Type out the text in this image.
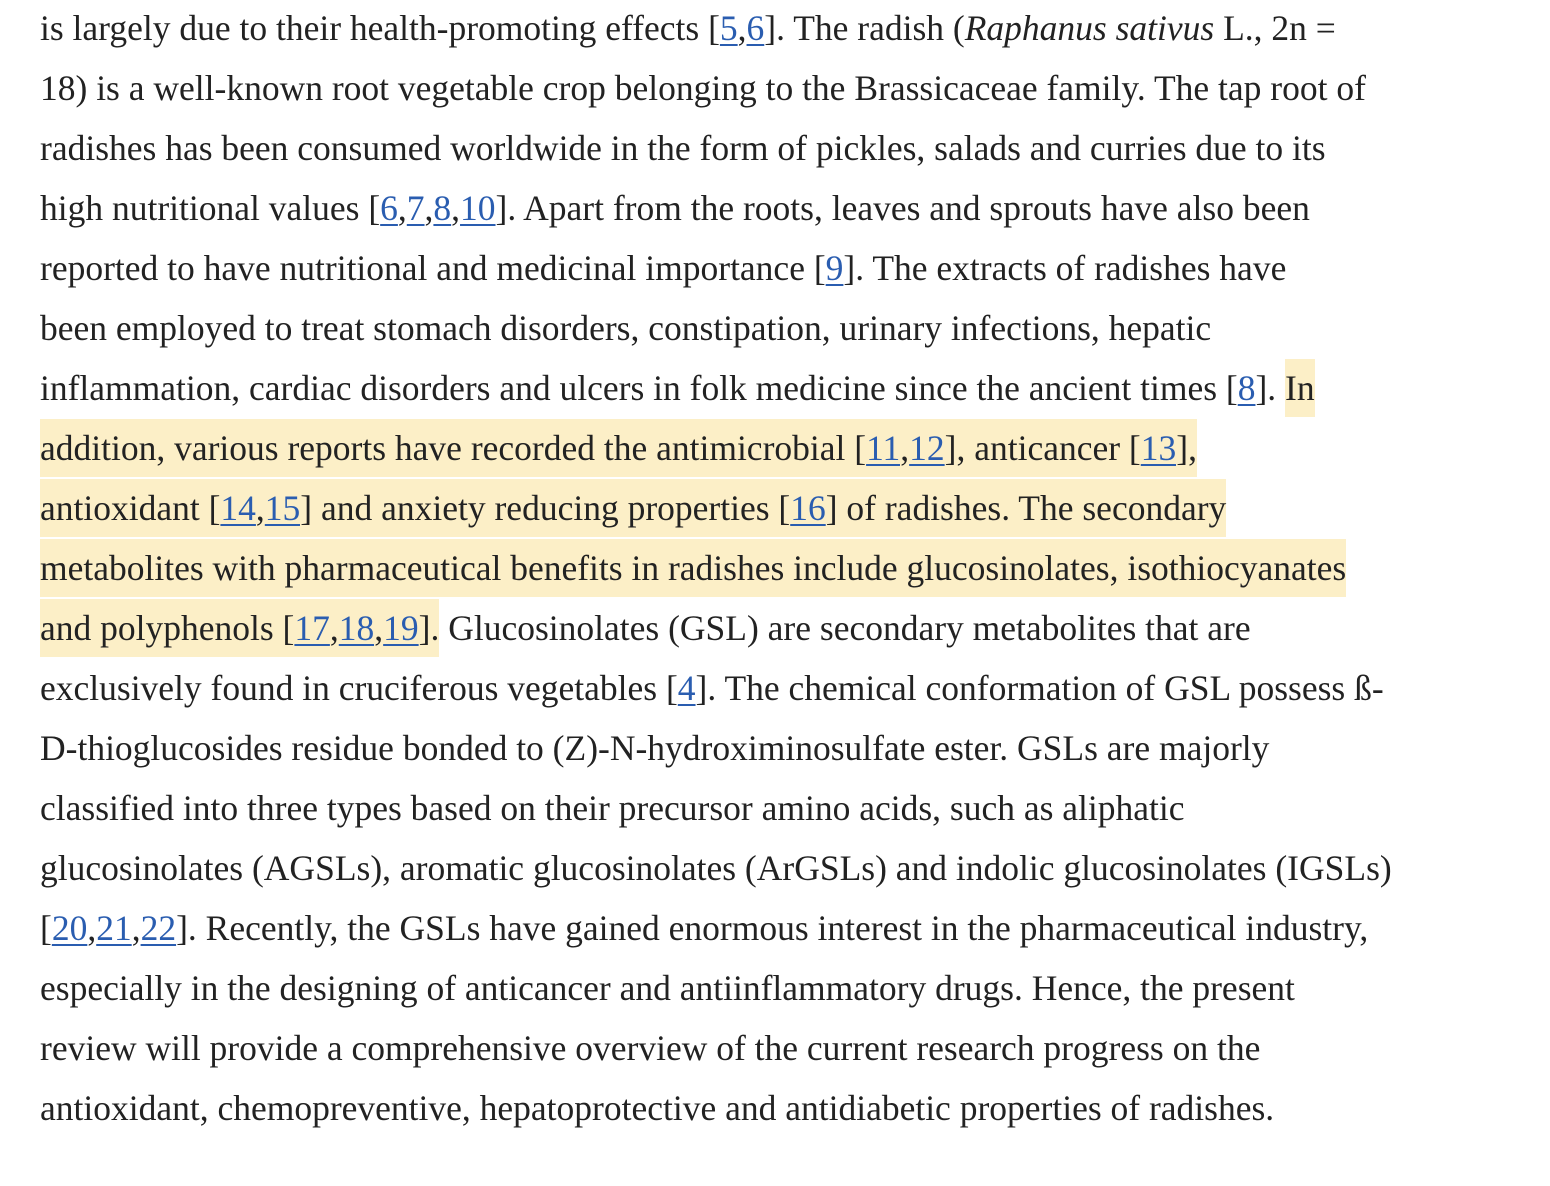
is largely due to their health-promoting effects [5,6]. The radish (Raphanus sativus L., 2n =
18) is a well-known root vegetable crop belonging to the Brassicaceae family. The tap root of
radishes has been consumed worldwide in the form of pickles, salads and curries due to its
high nutritional values [6,7,8,10]. Apart from the roots, leaves and sprouts have also been
reported to have nutritional and medicinal importance [9]. The extracts of radishes have
been employed to treat stomach disorders, constipation, urinary infections, hepatic
inflammation, cardiac disorders and ulcers in folk medicine since the ancient times [8]. In
addition, various reports have recorded the antimicrobial [11,12], anticancer [13],
antioxidant [14,15] and anxiety reducing properties [16] of radishes. The secondary
metabolites with pharmaceutical benefits in radishes include glucosinolates, isothiocyanates
and polyphenols [17,18,19]. Glucosinolates (GSL) are secondary metabolites that are
exclusively found in cruciferous vegetables [4]. The chemical conformation of GSL possess ß-
D-thioglucosides residue bonded to (Z)-N-hydroximinosulfate ester. GSLs are majorly
classified into three types based on their precursor amino acids, such as aliphatic
glucosinolates (AGSLs), aromatic glucosinolates (ArGSLs) and indolic glucosinolates (IGSLs)
[20,21,22]. Recently, the GSLs have gained enormous interest in the pharmaceutical industry,
especially in the designing of anticancer and antiinflammatory drugs. Hence, the present
review will provide a comprehensive overview of the current research progress on the
antioxidant, chemopreventive, hepatoprotective and antidiabetic properties of radishes.
